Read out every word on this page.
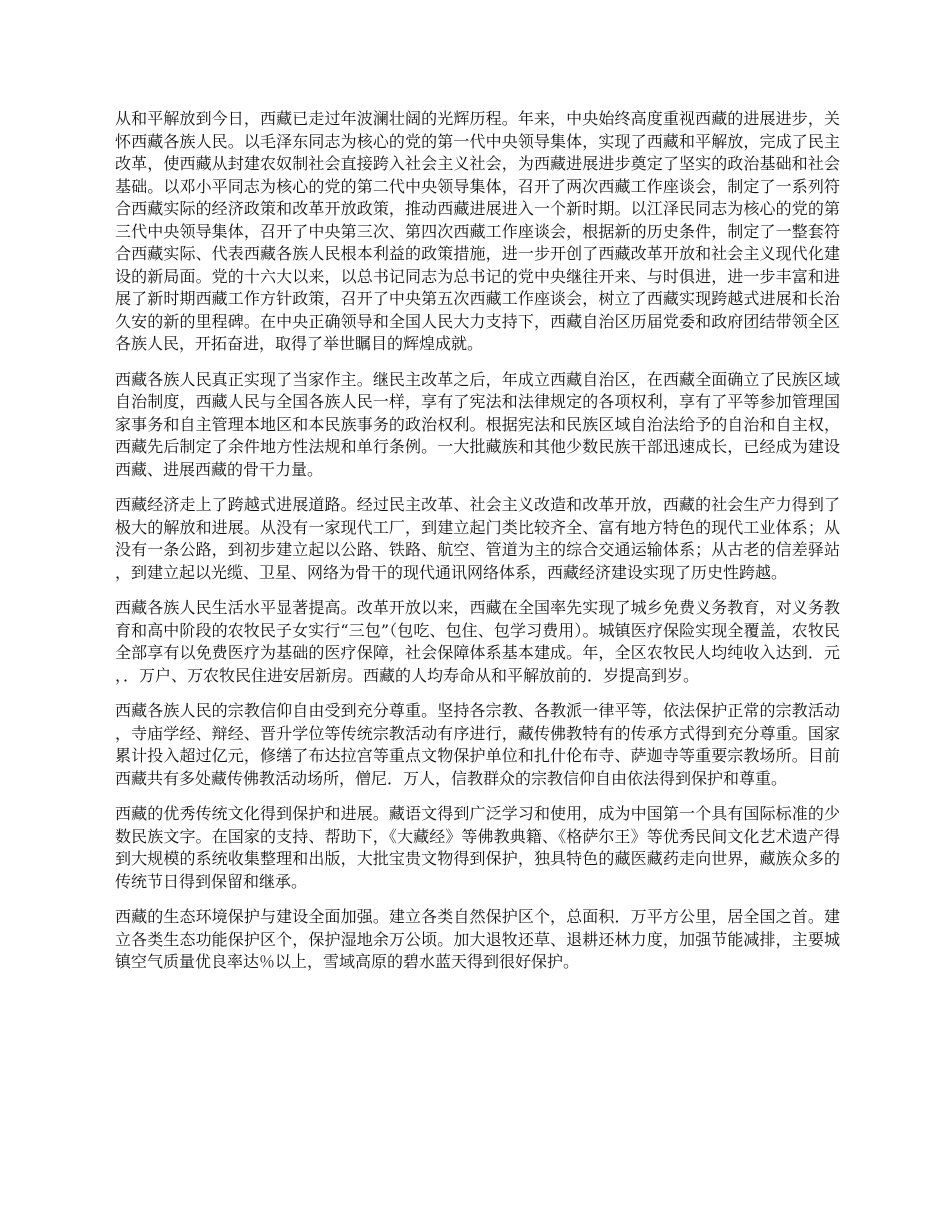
从和平解放到今日，西藏已走过年波澜壮阔的光辉历程。年来，中央始终高度重视西藏的进展进步，关怀西藏各族人民。以毛泽东同志为核心的党的第一代中央领导集体，实现了西藏和平解放，完成了民主改革，使西藏从封建农奴制社会直接跨入社会主义社会，为西藏进展进步奠定了坚实的政治基础和社会基础。以邓小平同志为核心的党的第二代中央领导集体，召开了两次西藏工作座谈会，制定了一系列符合西藏实际的经济政策和改革开放政策，推动西藏进展进入一个新时期。以江泽民同志为核心的党的第三代中央领导集体，召开了中央第三次、第四次西藏工作座谈会，根据新的历史条件，制定了一整套符合西藏实际、代表西藏各族人民根本利益的政策措施，进一步开创了西藏改革开放和社会主义现代化建设的新局面。党的十六大以来，以总书记同志为总书记的党中央继往开来、与时俱进，进一步丰富和进展了新时期西藏工作方针政策，召开了中央第五次西藏工作座谈会，树立了西藏实现跨越式进展和长治久安的新的里程碑。在中央正确领导和全国人民大力支持下，西藏自治区历届党委和政府团结带领全区各族人民，开拓奋进，取得了举世瞩目的辉煌成就。

西藏各族人民真正实现了当家作主。继民主改革之后，年成立西藏自治区，在西藏全面确立了民族区域自治制度，西藏人民与全国各族人民一样，享有了宪法和法律规定的各项权利，享有了平等参加管理国家事务和自主管理本地区和本民族事务的政治权利。根据宪法和民族区域自治法给予的自治和自主权，西藏先后制定了余件地方性法规和单行条例。一大批藏族和其他少数民族干部迅速成长，已经成为建设西藏、进展西藏的骨干力量。

西藏经济走上了跨越式进展道路。经过民主改革、社会主义改造和改革开放，西藏的社会生产力得到了极大的解放和进展。从没有一家现代工厂，到建立起门类比较齐全、富有地方特色的现代工业体系；从没有一条公路，到初步建立起以公路、铁路、航空、管道为主的综合交通运输体系；从古老的信差驿站，到建立起以光缆、卫星、网络为骨干的现代通讯网络体系，西藏经济建设实现了历史性跨越。

西藏各族人民生活水平显著提高。改革开放以来，西藏在全国率先实现了城乡免费义务教育，对义务教育和高中阶段的农牧民子女实行“三包”（包吃、包住、包学习费用）。城镇医疗保险实现全覆盖，农牧民全部享有以免费医疗为基础的医疗保障，社会保障体系基本建成。年，全区农牧民人均纯收入达到．元，．万户、万农牧民住进安居新房。西藏的人均寿命从和平解放前的．岁提高到岁。

西藏各族人民的宗教信仰自由受到充分尊重。坚持各宗教、各教派一律平等，依法保护正常的宗教活动，寺庙学经、辩经、晋升学位等传统宗教活动有序进行，藏传佛教特有的传承方式得到充分尊重。国家累计投入超过亿元，修缮了布达拉宫等重点文物保护单位和扎什伦布寺、萨迦寺等重要宗教场所。目前西藏共有多处藏传佛教活动场所，僧尼．万人，信教群众的宗教信仰自由依法得到保护和尊重。

西藏的优秀传统文化得到保护和进展。藏语文得到广泛学习和使用，成为中国第一个具有国际标准的少数民族文字。在国家的支持、帮助下，《大藏经》等佛教典籍、《格萨尔王》等优秀民间文化艺术遗产得到大规模的系统收集整理和出版，大批宝贵文物得到保护，独具特色的藏医藏药走向世界，藏族众多的传统节日得到保留和继承。

西藏的生态环境保护与建设全面加强。建立各类自然保护区个，总面积．万平方公里，居全国之首。建立各类生态功能保护区个，保护湿地余万公顷。加大退牧还草、退耕还林力度，加强节能减排，主要城镇空气质量优良率达％以上，雪域高原的碧水蓝天得到很好保护。
